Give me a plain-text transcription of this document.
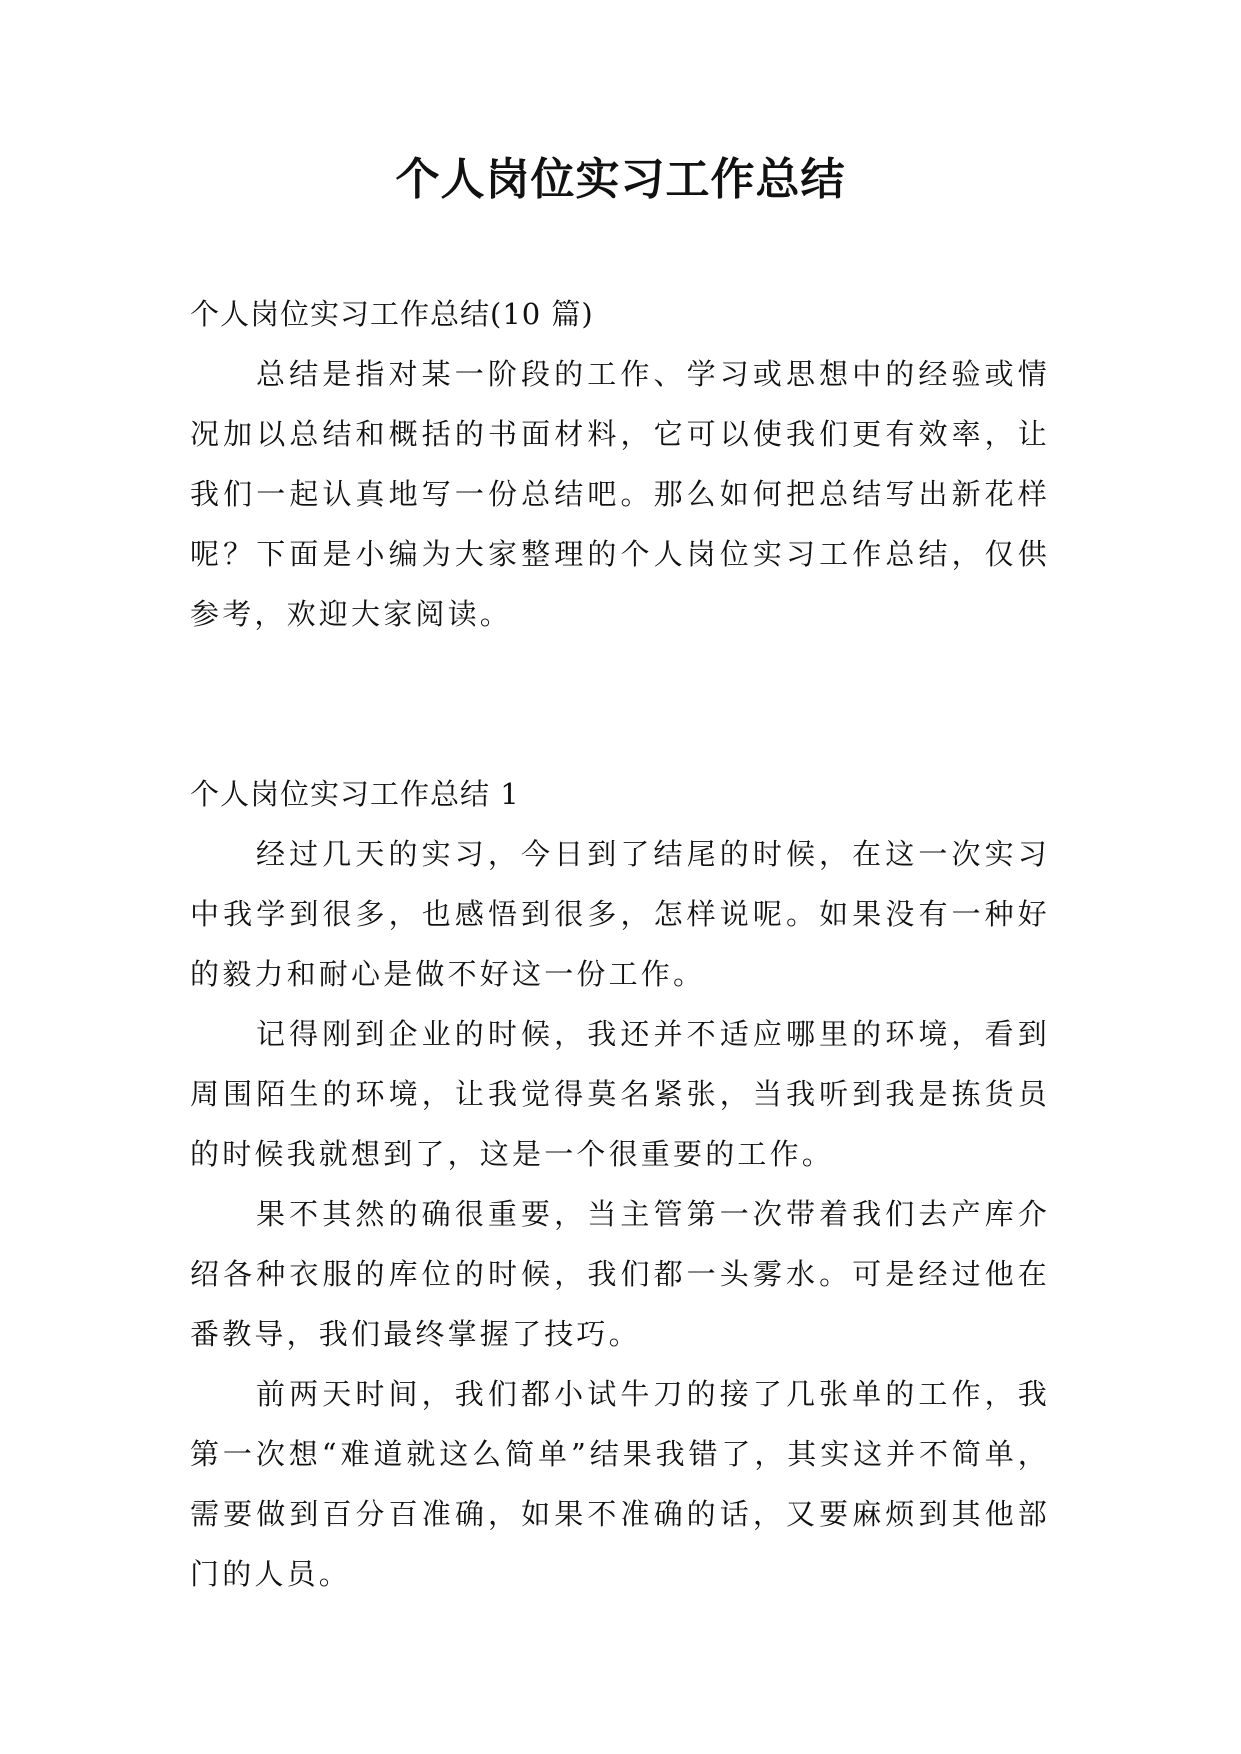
个人岗位实习工作总结

个人岗位实习工作总结(10 篇)

总结是指对某一阶段的工作、学习或思想中的经验或情况加以总结和概括的书面材料，它可以使我们更有效率，让我们一起认真地写一份总结吧。那么如何把总结写出新花样呢？下面是小编为大家整理的个人岗位实习工作总结，仅供参考，欢迎大家阅读。

个人岗位实习工作总结 1

经过几天的实习，今日到了结尾的时候，在这一次实习中我学到很多，也感悟到很多，怎样说呢。如果没有一种好的毅力和耐心是做不好这一份工作。

记得刚到企业的时候，我还并不适应哪里的环境，看到周围陌生的环境，让我觉得莫名紧张，当我听到我是拣货员的时候我就想到了，这是一个很重要的工作。

果不其然的确很重要，当主管第一次带着我们去产库介绍各种衣服的库位的时候，我们都一头雾水。可是经过他在番教导，我们最终掌握了技巧。

前两天时间，我们都小试牛刀的接了几张单的工作，我第一次想“难道就这么简单”结果我错了，其实这并不简单，需要做到百分百准确，如果不准确的话，又要麻烦到其他部门的人员。
